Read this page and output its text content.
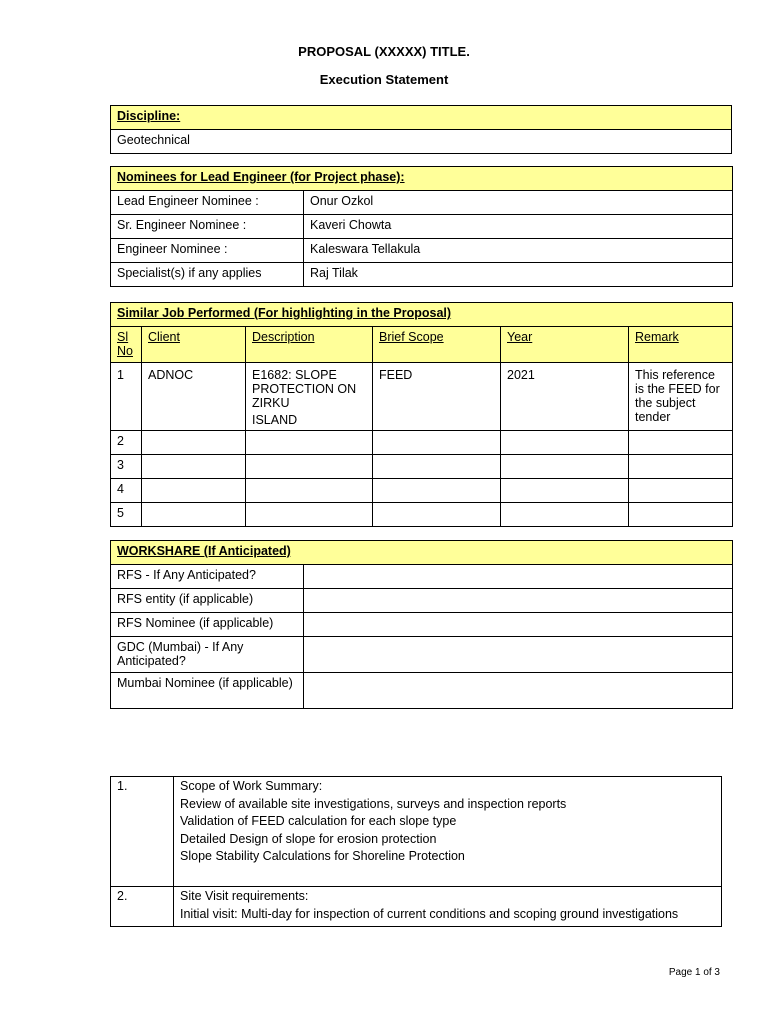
PROPOSAL (XXXXX) TITLE.
Execution Statement
Discipline:
Geotechnical
Nominees for Lead Engineer (for Project phase):	
Lead Engineer Nominee :	Onur Ozkol
Sr. Engineer Nominee :	Kaveri Chowta
Engineer Nominee :	Kaleswara Tellakula
Specialist(s) if any applies	Raj Tilak
Similar Job Performed (For highlighting in the Proposal)					
Sl No	Client	Description	Brief Scope	Year	Remark
1	ADNOC	E1682: SLOPE PROTECTION ON ZIRKU
ISLAND	FEED	2021	This reference is the FEED for the subject tender
2					
3					
4					
5					
WORKSHARE (If Anticipated)	
RFS - If Any Anticipated?	
RFS entity (if applicable)	
RFS Nominee (if applicable)	
GDC (Mumbai) - If Any Anticipated?	
Mumbai Nominee (if applicable)	
1.	Scope of Work Summary:
Review of available site investigations, surveys and inspection reports
Validation of FEED calculation for each slope type
Detailed Design of slope for erosion protection
Slope Stability Calculations for Shoreline Protection

2.	Site Visit requirements:
Initial visit: Multi-day for inspection of current conditions and scoping ground investigations
Page 1 of 3
